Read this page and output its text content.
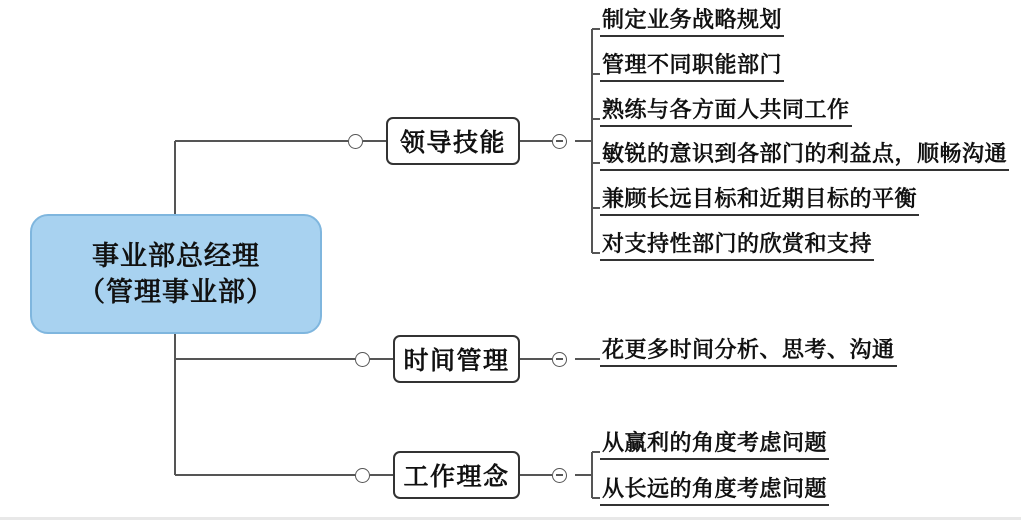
事业部总经理
（管理事业部）
领导技能
时间管理
工作理念
制定业务战略规划
管理不同职能部门
熟练与各方面人共同工作
敏锐的意识到各部门的利益点，顺畅沟通
兼顾长远目标和近期目标的平衡
对支持性部门的欣赏和支持
花更多时间分析、思考、沟通
从赢利的角度考虑问题
从长远的角度考虑问题
